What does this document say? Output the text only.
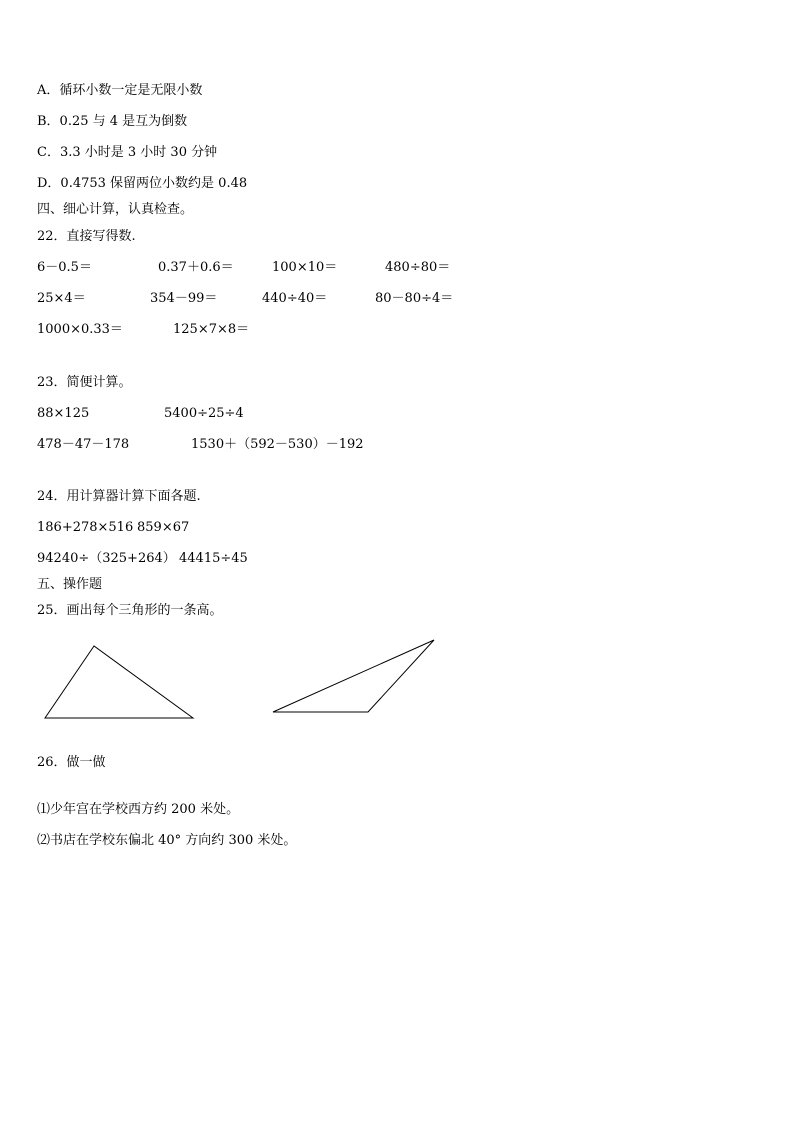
A．循环小数一定是无限小数
B．0.25 与 4 是互为倒数
C．3.3 小时是 3 小时 30 分钟
D．0.4753 保留两位小数约是 0.48
四、细心计算，认真检查。
22．直接写得数.
6－0.5＝	0.37＋0.6＝	100×10＝	480÷80＝
25×4＝	354－99＝	440÷40＝	80－80÷4＝
1000×0.33＝	125×7×8＝
23．简便计算。
88×125	5400÷25÷4
478－47－178	1530＋（592－530）－192
24．用计算器计算下面各题.
186+278×516 859×67
94240÷（325+264） 44415÷45
五、操作题
25．画出每个三角形的一条高。
26．做一做
⑴少年宫在学校西方约 200 米处。
⑵书店在学校东偏北 40° 方向约 300 米处。
